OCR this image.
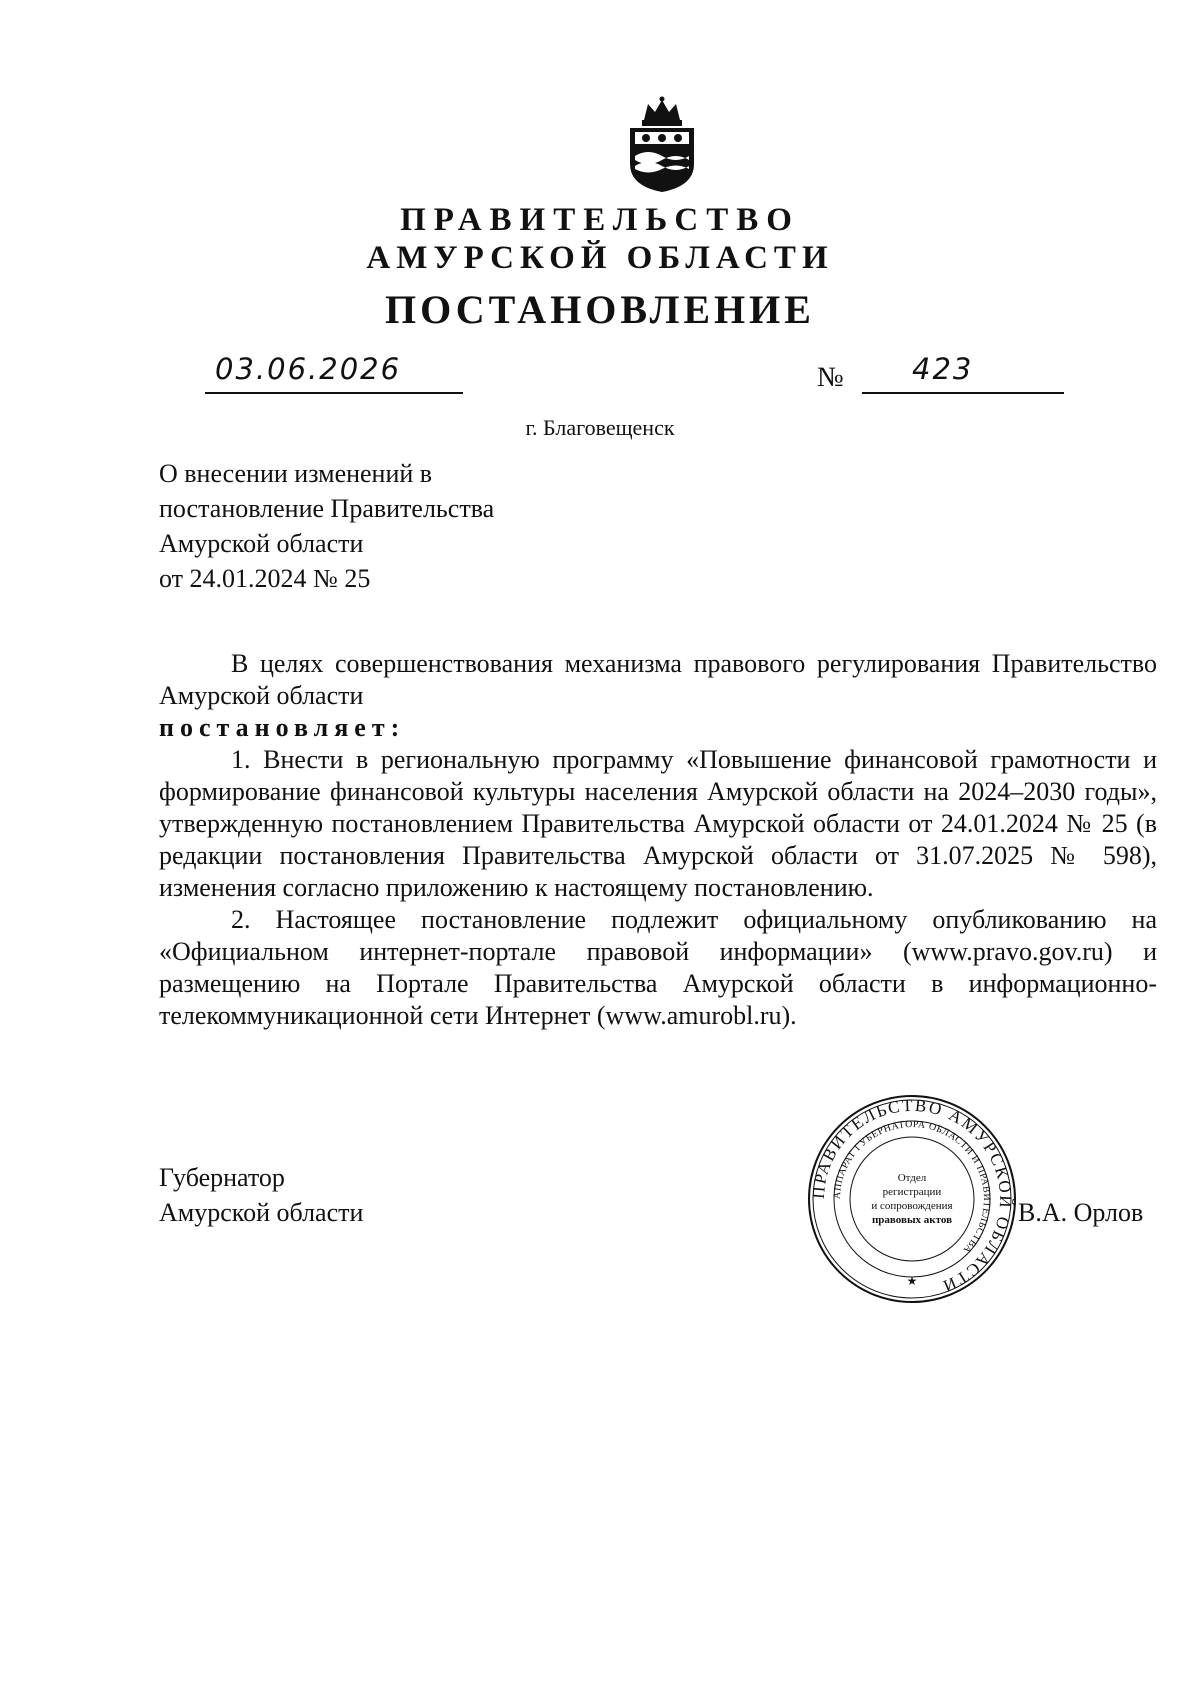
ПРАВИТЕЛЬСТВО
АМУРСКОЙ ОБЛАСТИ
ПОСТАНОВЛЕНИЕ
03.06.2026	№ 423
г. Благовещенск
О внесении изменений в
постановление Правительства
Амурской области
от 24.01.2024 № 25

В целях совершенствования механизма правового регулирования Правительство Амурской области

постановляет:

1. Внести в региональную программу «Повышение финансовой грамотности и формирование финансовой культуры населения Амурской области на 2024–2030 годы», утвержденную постановлением Правительства Амурской области от 24.01.2024 № 25 (в редакции постановления Правительства Амурской области от 31.07.2025 № 598), изменения согласно приложению к настоящему постановлению.

2. Настоящее постановление подлежит официальному опубликованию на «Официальном интернет-портале правовой информации» (www.pravo.gov.ru) и размещению на Портале Правительства Амурской области в информационно-телекоммуникационной сети Интернет (www.amurobl.ru).

Губернатор
Амурской области
ПРАВИТЕЛЬСТВО АМУРСКОЙ ОБЛАСТИ
АППАРАТ ГУБЕРНАТОРА ОБЛАСТИ И ПРАВИТЕЛЬСТВА
Отдел
регистрации
и сопровождения
правовых актов
★
В.А. Орлов
